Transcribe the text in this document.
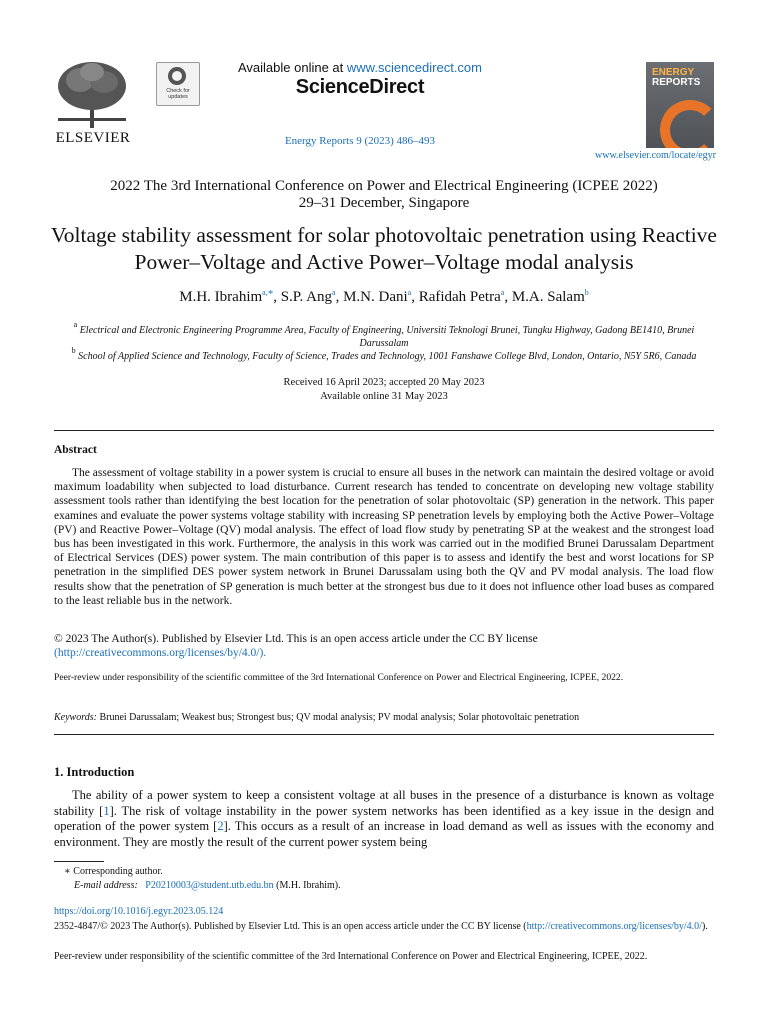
ELSEVIER
Check for updates
Available online at www.sciencedirect.com
ScienceDirect
Energy Reports 9 (2023) 486–493
ENERGY
REPORTS
www.elsevier.com/locate/egyr
2022 The 3rd International Conference on Power and Electrical Engineering (ICPEE 2022)
29–31 December, Singapore
Voltage stability assessment for solar photovoltaic penetration using Reactive Power–Voltage and Active Power–Voltage modal analysis
M.H. Ibrahim$^{a,*}$, S.P. Ang$^a$, M.N. Dani$^a$, Rafidah Petra$^a$, M.A. Salam$^b$
$^a$ Electrical and Electronic Engineering Programme Area, Faculty of Engineering, Universiti Teknologi Brunei, Tungku Highway, Gadong BE1410, Brunei Darussalam
$^b$ School of Applied Science and Technology, Faculty of Science, Trades and Technology, 1001 Fanshawe College Blvd, London, Ontario, N5Y 5R6, Canada
Received 16 April 2023; accepted 20 May 2023
Available online 31 May 2023
Abstract

The assessment of voltage stability in a power system is crucial to ensure all buses in the network can maintain the desired voltage or avoid maximum loadability when subjected to load disturbance. Current research has tended to concentrate on developing new voltage stability assessment tools rather than identifying the best location for the penetration of solar photovoltaic (SP) generation in the network. This paper examines and evaluate the power systems voltage stability with increasing SP penetration levels by employing both the Active Power–Voltage (PV) and Reactive Power–Voltage (QV) modal analysis. The effect of load flow study by penetrating SP at the weakest and the strongest load bus has been investigated in this work. Furthermore, the analysis in this work was carried out in the modified Brunei Darussalam Department of Electrical Services (DES) power system. The main contribution of this paper is to assess and identify the best and worst locations for SP penetration in the simplified DES power system network in Brunei Darussalam using both the QV and PV modal analysis. The load flow results show that the penetration of SP generation is much better at the strongest bus due to it does not influence other load buses as compared to the least reliable bus in the network.

© 2023 The Author(s). Published by Elsevier Ltd. This is an open access article under the CC BY license
(http://creativecommons.org/licenses/by/4.0/).
Peer-review under responsibility of the scientific committee of the 3rd International Conference on Power and Electrical Engineering, ICPEE, 2022.
Keywords: Brunei Darussalam; Weakest bus; Strongest bus; QV modal analysis; PV modal analysis; Solar photovoltaic penetration
1. Introduction

The ability of a power system to keep a consistent voltage at all buses in the presence of a disturbance is known as voltage stability [1]. The risk of voltage instability in the power system networks has been identified as a key issue in the design and operation of the power system [2]. This occurs as a result of an increase in load demand as well as issues with the economy and environment. They are mostly the result of the current power system being

∗ Corresponding author.
E-mail address: P20210003@student.utb.edu.bn (M.H. Ibrahim).
https://doi.org/10.1016/j.egyr.2023.05.124
2352-4847/© 2023 The Author(s). Published by Elsevier Ltd. This is an open access article under the CC BY license (http://creativecommons.org/licenses/by/4.0/).
Peer-review under responsibility of the scientific committee of the 3rd International Conference on Power and Electrical Engineering, ICPEE, 2022.
